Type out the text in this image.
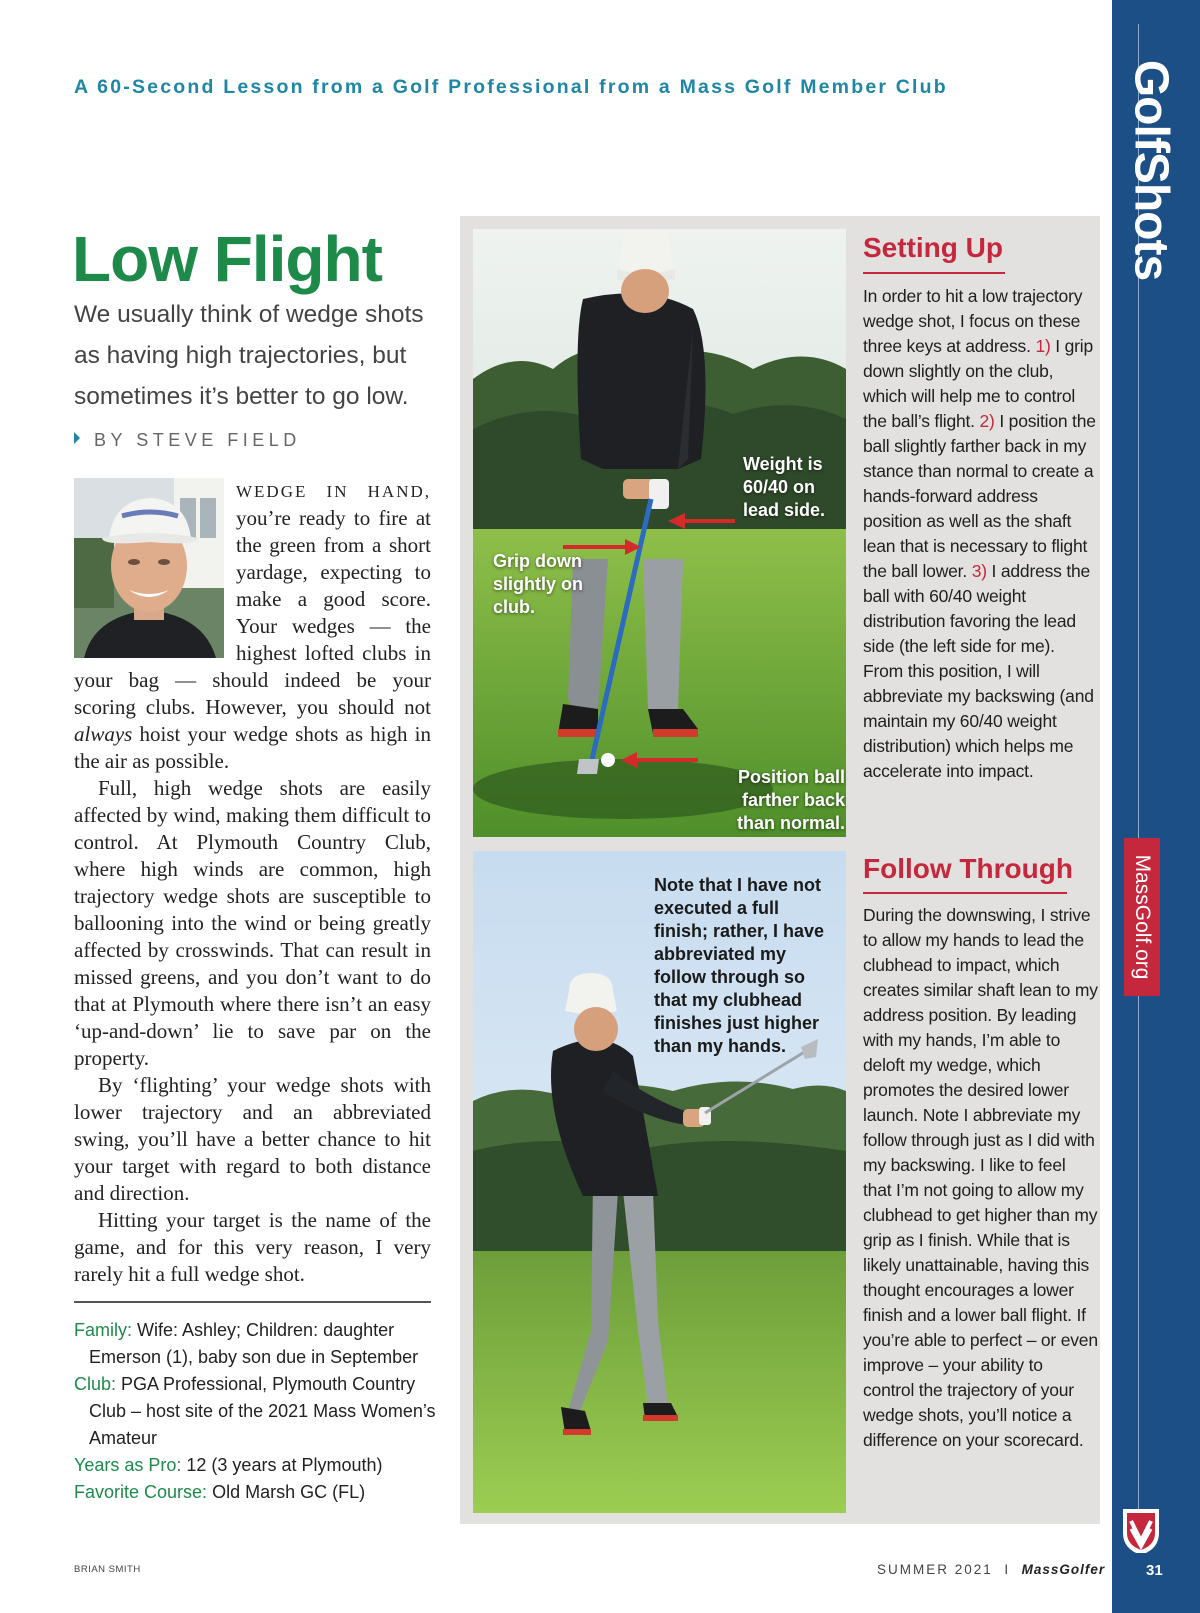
A 60-Second Lesson from a Golf Professional from a Mass Golf Member Club
Low Flight
We usually think of wedge shots as having high trajectories, but sometimes it’s better to go low.
BY STEVE FIELD

WEDGE IN HAND, you’re ready to fire at the green from a short yardage, expecting to make a good score. Your wedges — the highest lofted clubs in your bag — should indeed be your scoring clubs. However, you should not always hoist your wedge shots as high in the air as possible.

Full, high wedge shots are easily affected by wind, making them difficult to control. At Plymouth Country Club, where high winds are common, high trajectory wedge shots are susceptible to ballooning into the wind or being greatly affected by crosswinds. That can result in missed greens, and you don’t want to do that at Plymouth where there isn’t an easy ‘up-and-down’ lie to save par on the property.

By ‘flighting’ your wedge shots with lower trajectory and an abbreviated swing, you’ll have a better chance to hit your target with regard to both distance and direction.

Hitting your target is the name of the game, and for this very reason, I very rarely hit a full wedge shot.

Family: Wife: Ashley; Children: daughter Emerson (1), baby son due in September
Club: PGA Professional, Plymouth Country Club – host site of the 2021 Mass Women’s Amateur
Years as Pro: 12 (3 years at Plymouth)
Favorite Course: Old Marsh GC (FL)
Weight is 60/40 on lead side.
Grip down slightly on club.
Position ball farther back than normal.
Note that I have not executed a full finish; rather, I have abbreviated my follow through so that my clubhead finishes just higher than my hands.
Setting Up
In order to hit a low trajectory wedge shot, I focus on these three keys at address. 1) I grip down slightly on the club, which will help me to control the ball’s flight. 2) I position the ball slightly farther back in my stance than normal to create a hands-forward address position as well as the shaft lean that is necessary to flight the ball lower. 3) I address the ball with 60/40 weight distribution favoring the lead side (the left side for me). From this position, I will abbreviate my backswing (and maintain my 60/40 weight distribution) which helps me accelerate into impact.
Follow Through
During the downswing, I strive to allow my hands to lead the clubhead to impact, which creates similar shaft lean to my address position. By leading with my hands, I’m able to deloft my wedge, which promotes the desired lower launch. Note I abbreviate my follow through just as I did with my backswing. I like to feel that I’m not going to allow my clubhead to get higher than my grip as I finish. While that is likely unattainable, having this thought encourages a lower finish and a lower ball flight. If you’re able to perfect – or even improve – your ability to control the trajectory of your wedge shots, you’ll notice a difference on your scorecard.
GolfShots
MassGolf.org
31
BRIAN SMITH	SUMMER 2021 I MassGolfer
